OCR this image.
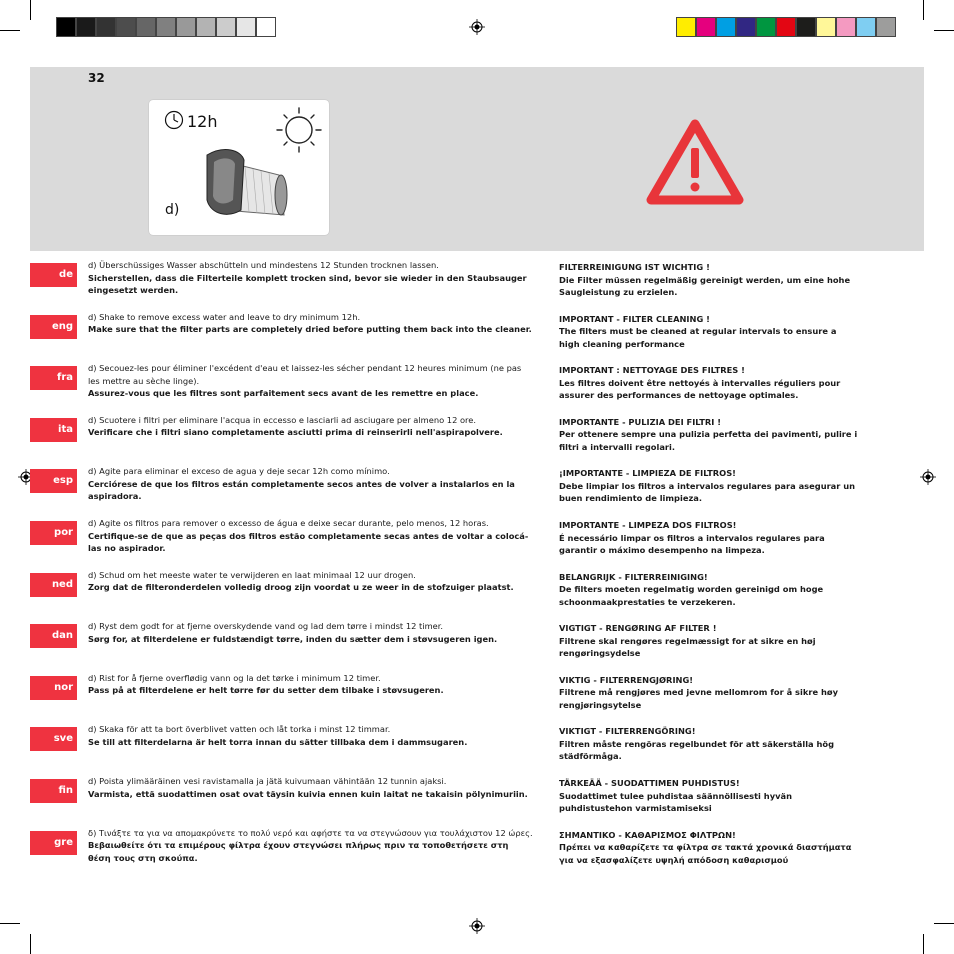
32
12h
d)
de
d) Überschüssiges Wasser abschütteln und mindestens 12 Stunden trocknen lassen.
Sicherstellen, dass die Filterteile komplett trocken sind, bevor sie wieder in den Staubsauger eingesetzt werden.
FILTERREINIGUNG IST WICHTIG !
Die Filter müssen regelmäßig gereinigt werden, um eine hohe Saugleistung zu erzielen.
eng
d) Shake to remove excess water and leave to dry minimum 12h.
Make sure that the filter parts are completely dried before putting them back into the cleaner.
IMPORTANT - FILTER CLEANING !
The filters must be cleaned at regular intervals to ensure a high cleaning performance
fra
d) Secouez-les pour éliminer l'excédent d'eau et laissez-les sécher pendant 12 heures minimum (ne pas les mettre au sèche linge).
Assurez-vous que les filtres sont parfaitement secs avant de les remettre en place.
IMPORTANT : NETTOYAGE DES FILTRES !
Les filtres doivent être nettoyés à intervalles réguliers pour assurer des performances de nettoyage optimales.
ita
d) Scuotere i filtri per eliminare l'acqua in eccesso e lasciarli ad asciugare per almeno 12 ore.
Verificare che i filtri siano completamente asciutti prima di reinserirli nell'aspirapolvere.
IMPORTANTE - PULIZIA DEI FILTRI !
Per ottenere sempre una pulizia perfetta dei pavimenti, pulire i filtri a intervalli regolari.
esp
d) Agite para eliminar el exceso de agua y deje secar 12h como mínimo.
Cerciórese de que los filtros están completamente secos antes de volver a instalarlos en la aspiradora.
¡IMPORTANTE - LIMPIEZA DE FILTROS!
Debe limpiar los filtros a intervalos regulares para asegurar un buen rendimiento de limpieza.
por
d) Agite os filtros para remover o excesso de água e deixe secar durante, pelo menos, 12 horas.
Certifique-se de que as peças dos filtros estão completamente secas antes de voltar a colocá-las no aspirador.
IMPORTANTE - LIMPEZA DOS FILTROS!
É necessário limpar os filtros a intervalos regulares para garantir o máximo desempenho na limpeza.
ned
d) Schud om het meeste water te verwijderen en laat minimaal 12 uur drogen.
Zorg dat de filteronderdelen volledig droog zijn voordat u ze weer in de stofzuiger plaatst.
BELANGRIJK - FILTERREINIGING!
De filters moeten regelmatig worden gereinigd om hoge schoonmaakprestaties te verzekeren.
dan
d) Ryst dem godt for at fjerne overskydende vand og lad dem tørre i mindst 12 timer.
Sørg for, at filterdelene er fuldstændigt tørre, inden du sætter dem i støvsugeren igen.
VIGTIGT - RENGØRING AF FILTER !
Filtrene skal rengøres regelmæssigt for at sikre en høj rengøringsydelse
nor
d) Rist for å fjerne overflødig vann og la det tørke i minimum 12 timer.
Pass på at filterdelene er helt tørre før du setter dem tilbake i støvsugeren.
VIKTIG - FILTERRENGJØRING!
Filtrene må rengjøres med jevne mellomrom for å sikre høy rengjøringsytelse
sve
d) Skaka för att ta bort överblivet vatten och låt torka i minst 12 timmar.
Se till att filterdelarna är helt torra innan du sätter tillbaka dem i dammsugaren.
VIKTIGT - FILTERRENGÖRING!
Filtren måste rengöras regelbundet för att säkerställa hög städförmåga.
fin
d) Poista ylimääräinen vesi ravistamalla ja jätä kuivumaan vähintään 12 tunnin ajaksi.
Varmista, että suodattimen osat ovat täysin kuivia ennen kuin laitat ne takaisin pölynimuriin.
TÄRKEÄÄ - SUODATTIMEN PUHDISTUS!
Suodattimet tulee puhdistaa säännöllisesti hyvän puhdistustehon varmistamiseksi
gre
δ) Τινάξτε τα για να απομακρύνετε το πολύ νερό και αφήστε τα να στεγνώσουν για τουλάχιστον 12 ώρες.
Βεβαιωθείτε ότι τα επιμέρους φίλτρα έχουν στεγνώσει πλήρως πριν τα τοποθετήσετε στη θέση τους στη σκούπα.
ΣΗΜΑΝΤΙΚΟ - ΚΑΘΑΡΙΣΜΟΣ ΦΙΛΤΡΩΝ!
Πρέπει να καθαρίζετε τα φίλτρα σε τακτά χρονικά διαστήματα για να εξασφαλίζετε υψηλή απόδοση καθαρισμού
